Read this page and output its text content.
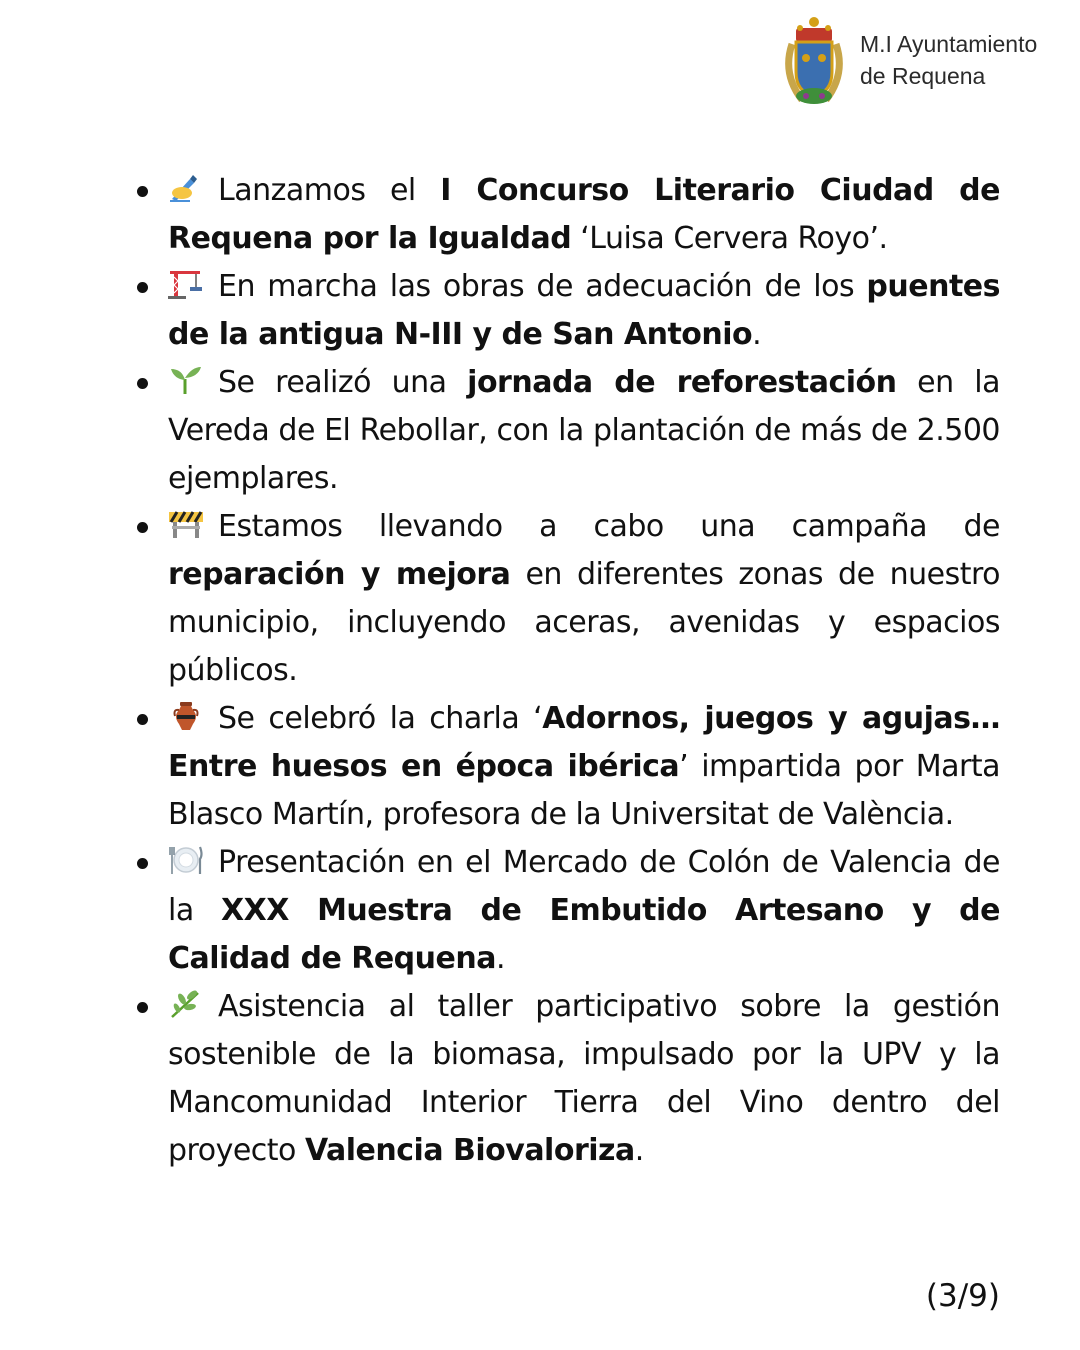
M.I Ayuntamiento
de Requena
Lanzamos el I Concurso Literario Ciudad de Requena por la Igualdad ‘Luisa Cervera Royo’.
En marcha las obras de adecuación de los puentes de la antigua N-III y de San Antonio.
Se realizó una jornada de reforestación en la Vereda de El Rebollar, con la plantación de más de 2.500 ejemplares.
Estamos llevando a cabo una campaña de reparación y mejora en diferentes zonas de nuestro municipio, incluyendo aceras, avenidas y espacios públicos.
Se celebró la charla ‘Adornos, juegos y agujas… Entre huesos en época ibérica’ impartida por Marta Blasco Martín, profesora de la Universitat de València.
Presentación en el Mercado de Colón de Valencia de la XXX Muestra de Embutido Artesano y de Calidad de Requena.
Asistencia al taller participativo sobre la gestión sostenible de la biomasa, impulsado por la UPV y la Mancomunidad Interior Tierra del Vino dentro del proyecto Valencia Biovaloriza.
(3/9)
